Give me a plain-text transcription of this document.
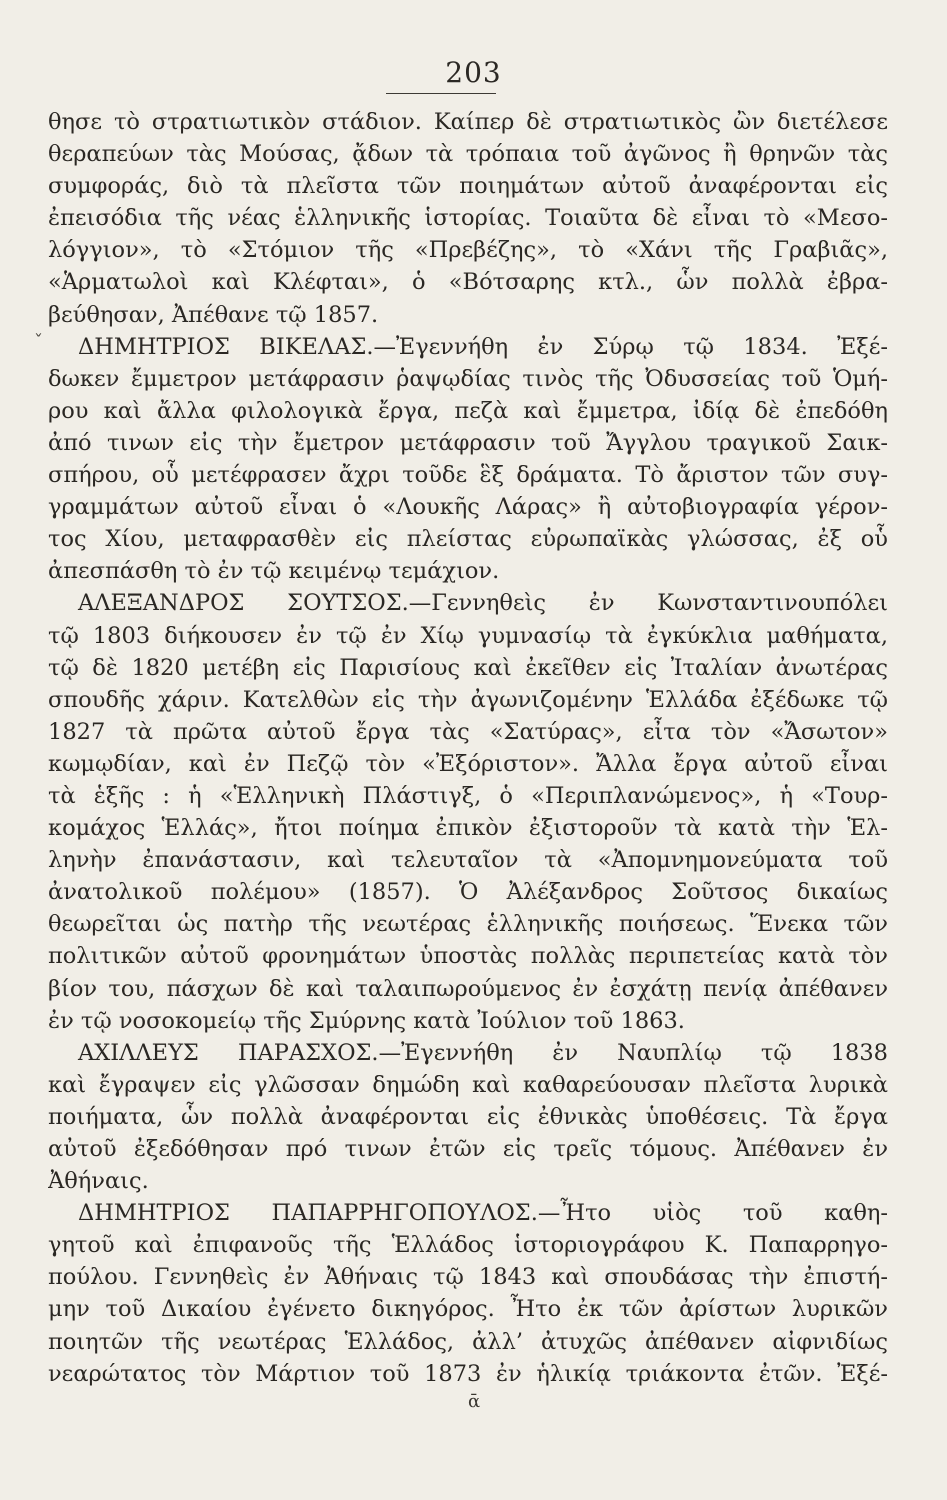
203
θησε τὸ στρατιωτικὸν στάδιον. Καίπερ δὲ στρατιωτικὸς ὢν διετέλεσε
θεραπεύων τὰς Μούσας, ᾄδων τὰ τρόπαια τοῦ ἀγῶνος ἢ θρηνῶν τὰς
συμφοράς, διὸ τὰ πλεῖστα τῶν ποιημάτων αὐτοῦ ἀναφέρονται εἰς
ἐπεισόδια τῆς νέας ἑλληνικῆς ἱστορίας. Τοιαῦτα δὲ εἶναι τὸ «Μεσο-
λόγγιον», τὸ «Στόμιον τῆς «Πρεβέζης», τὸ «Χάνι τῆς Γραβιᾶς»,
«Ἁρματωλοὶ καὶ Κλέφται», ὁ «Βότσαρης κτλ., ὧν πολλὰ ἐβρα-
βεύθησαν, Ἀπέθανε τῷ 1857.
ΔΗΜΗΤΡΙΟΣ ΒΙΚΕΛΑΣ.—Ἐγεννήθη ἐν Σύρῳ τῷ 1834. Ἐξέ-
δωκεν ἔμμετρον μετάφρασιν ῥαψῳδίας τινὸς τῆς Ὀδυσσείας τοῦ Ὁμή-
ρου καὶ ἄλλα φιλολογικὰ ἔργα, πεζὰ καὶ ἔμμετρα, ἰδίᾳ δὲ ἐπεδόθη
ἀπό τινων εἰς τὴν ἔμετρον μετάφρασιν τοῦ Ἄγγλου τραγικοῦ Σαικ-
σπήρου, οὗ μετέφρασεν ἄχρι τοῦδε ἓξ δράματα. Τὸ ἄριστον τῶν συγ-
γραμμάτων αὐτοῦ εἶναι ὁ «Λουκῆς Λάρας» ἢ αὐτοβιογραφία γέρον-
τος Χίου, μεταφρασθὲν εἰς πλείστας εὐρωπαϊκὰς γλώσσας, ἐξ οὗ
ἀπεσπάσθη τὸ ἐν τῷ κειμένῳ τεμάχιον.
ΑΛΕΞΑΝΔΡΟΣ ΣΟΥΤΣΟΣ.—Γεννηθεὶς ἐν Κωνσταντινουπόλει
τῷ 1803 διήκουσεν ἐν τῷ ἐν Χίῳ γυμνασίῳ τὰ ἐγκύκλια μαθήματα,
τῷ δὲ 1820 μετέβη εἰς Παρισίους καὶ ἐκεῖθεν εἰς Ἰταλίαν ἀνωτέρας
σπουδῆς χάριν. Κατελθὼν εἰς τὴν ἀγωνιζομένην Ἑλλάδα ἐξέδωκε τῷ
1827 τὰ πρῶτα αὐτοῦ ἔργα τὰς «Σατύρας», εἶτα τὸν «Ἄσωτον»
κωμῳδίαν, καὶ ἐν Πεζῷ τὸν «Ἐξόριστον». Ἄλλα ἔργα αὐτοῦ εἶναι
τὰ ἑξῆς : ἡ «Ἑλληνικὴ Πλάστιγξ, ὁ «Περιπλανώμενος», ἡ «Τουρ-
κομάχος Ἑλλάς», ἤτοι ποίημα ἐπικὸν ἐξιστοροῦν τὰ κατὰ τὴν Ἑλ-
ληνὴν ἐπανάστασιν, καὶ τελευταῖον τὰ «Ἀπομνημονεύματα τοῦ
ἀνατολικοῦ πολέμου» (1857). Ὁ Ἀλέξανδρος Σοῦτσος δικαίως
θεωρεῖται ὡς πατὴρ τῆς νεωτέρας ἑλληνικῆς ποιήσεως. Ἕνεκα τῶν
πολιτικῶν αὐτοῦ φρονημάτων ὑποστὰς πολλὰς περιπετείας κατὰ τὸν
βίον του, πάσχων δὲ καὶ ταλαιπωρούμενος ἐν ἐσχάτῃ πενίᾳ ἀπέθανεν
ἐν τῷ νοσοκομείῳ τῆς Σμύρνης κατὰ Ἰούλιον τοῦ 1863.
ΑΧΙΛΛΕΥΣ ΠΑΡΑΣΧΟΣ.—Ἐγεννήθη ἐν Ναυπλίῳ τῷ 1838
καὶ ἔγραψεν εἰς γλῶσσαν δημώδη καὶ καθαρεύουσαν πλεῖστα λυρικὰ
ποιήματα, ὧν πολλὰ ἀναφέρονται εἰς ἐθνικὰς ὑποθέσεις. Τὰ ἔργα
αὐτοῦ ἐξεδόθησαν πρό τινων ἐτῶν εἰς τρεῖς τόμους. Ἀπέθανεν ἐν
Ἀθήναις.
ΔΗΜΗΤΡΙΟΣ ΠΑΠΑΡΡΗΓΟΠΟΥΛΟΣ.—Ἦτο υἱὸς τοῦ καθη-
γητοῦ καὶ ἐπιφανοῦς τῆς Ἑλλάδος ἱστοριογράφου Κ. Παπαρρηγο-
πούλου. Γεννηθεὶς ἐν Ἀθήναις τῷ 1843 καὶ σπουδάσας τὴν ἐπιστή-
μην τοῦ Δικαίου ἐγένετο δικηγόρος. Ἦτο ἐκ τῶν ἀρίστων λυρικῶν
ποιητῶν τῆς νεωτέρας Ἑλλάδος, ἀλλ’ ἀτυχῶς ἀπέθανεν αἰφνιδίως
νεαρώτατος τὸν Μάρτιον τοῦ 1873 ἐν ἡλικίᾳ τριάκοντα ἐτῶν. Ἐξέ-
˯
ᾱ
